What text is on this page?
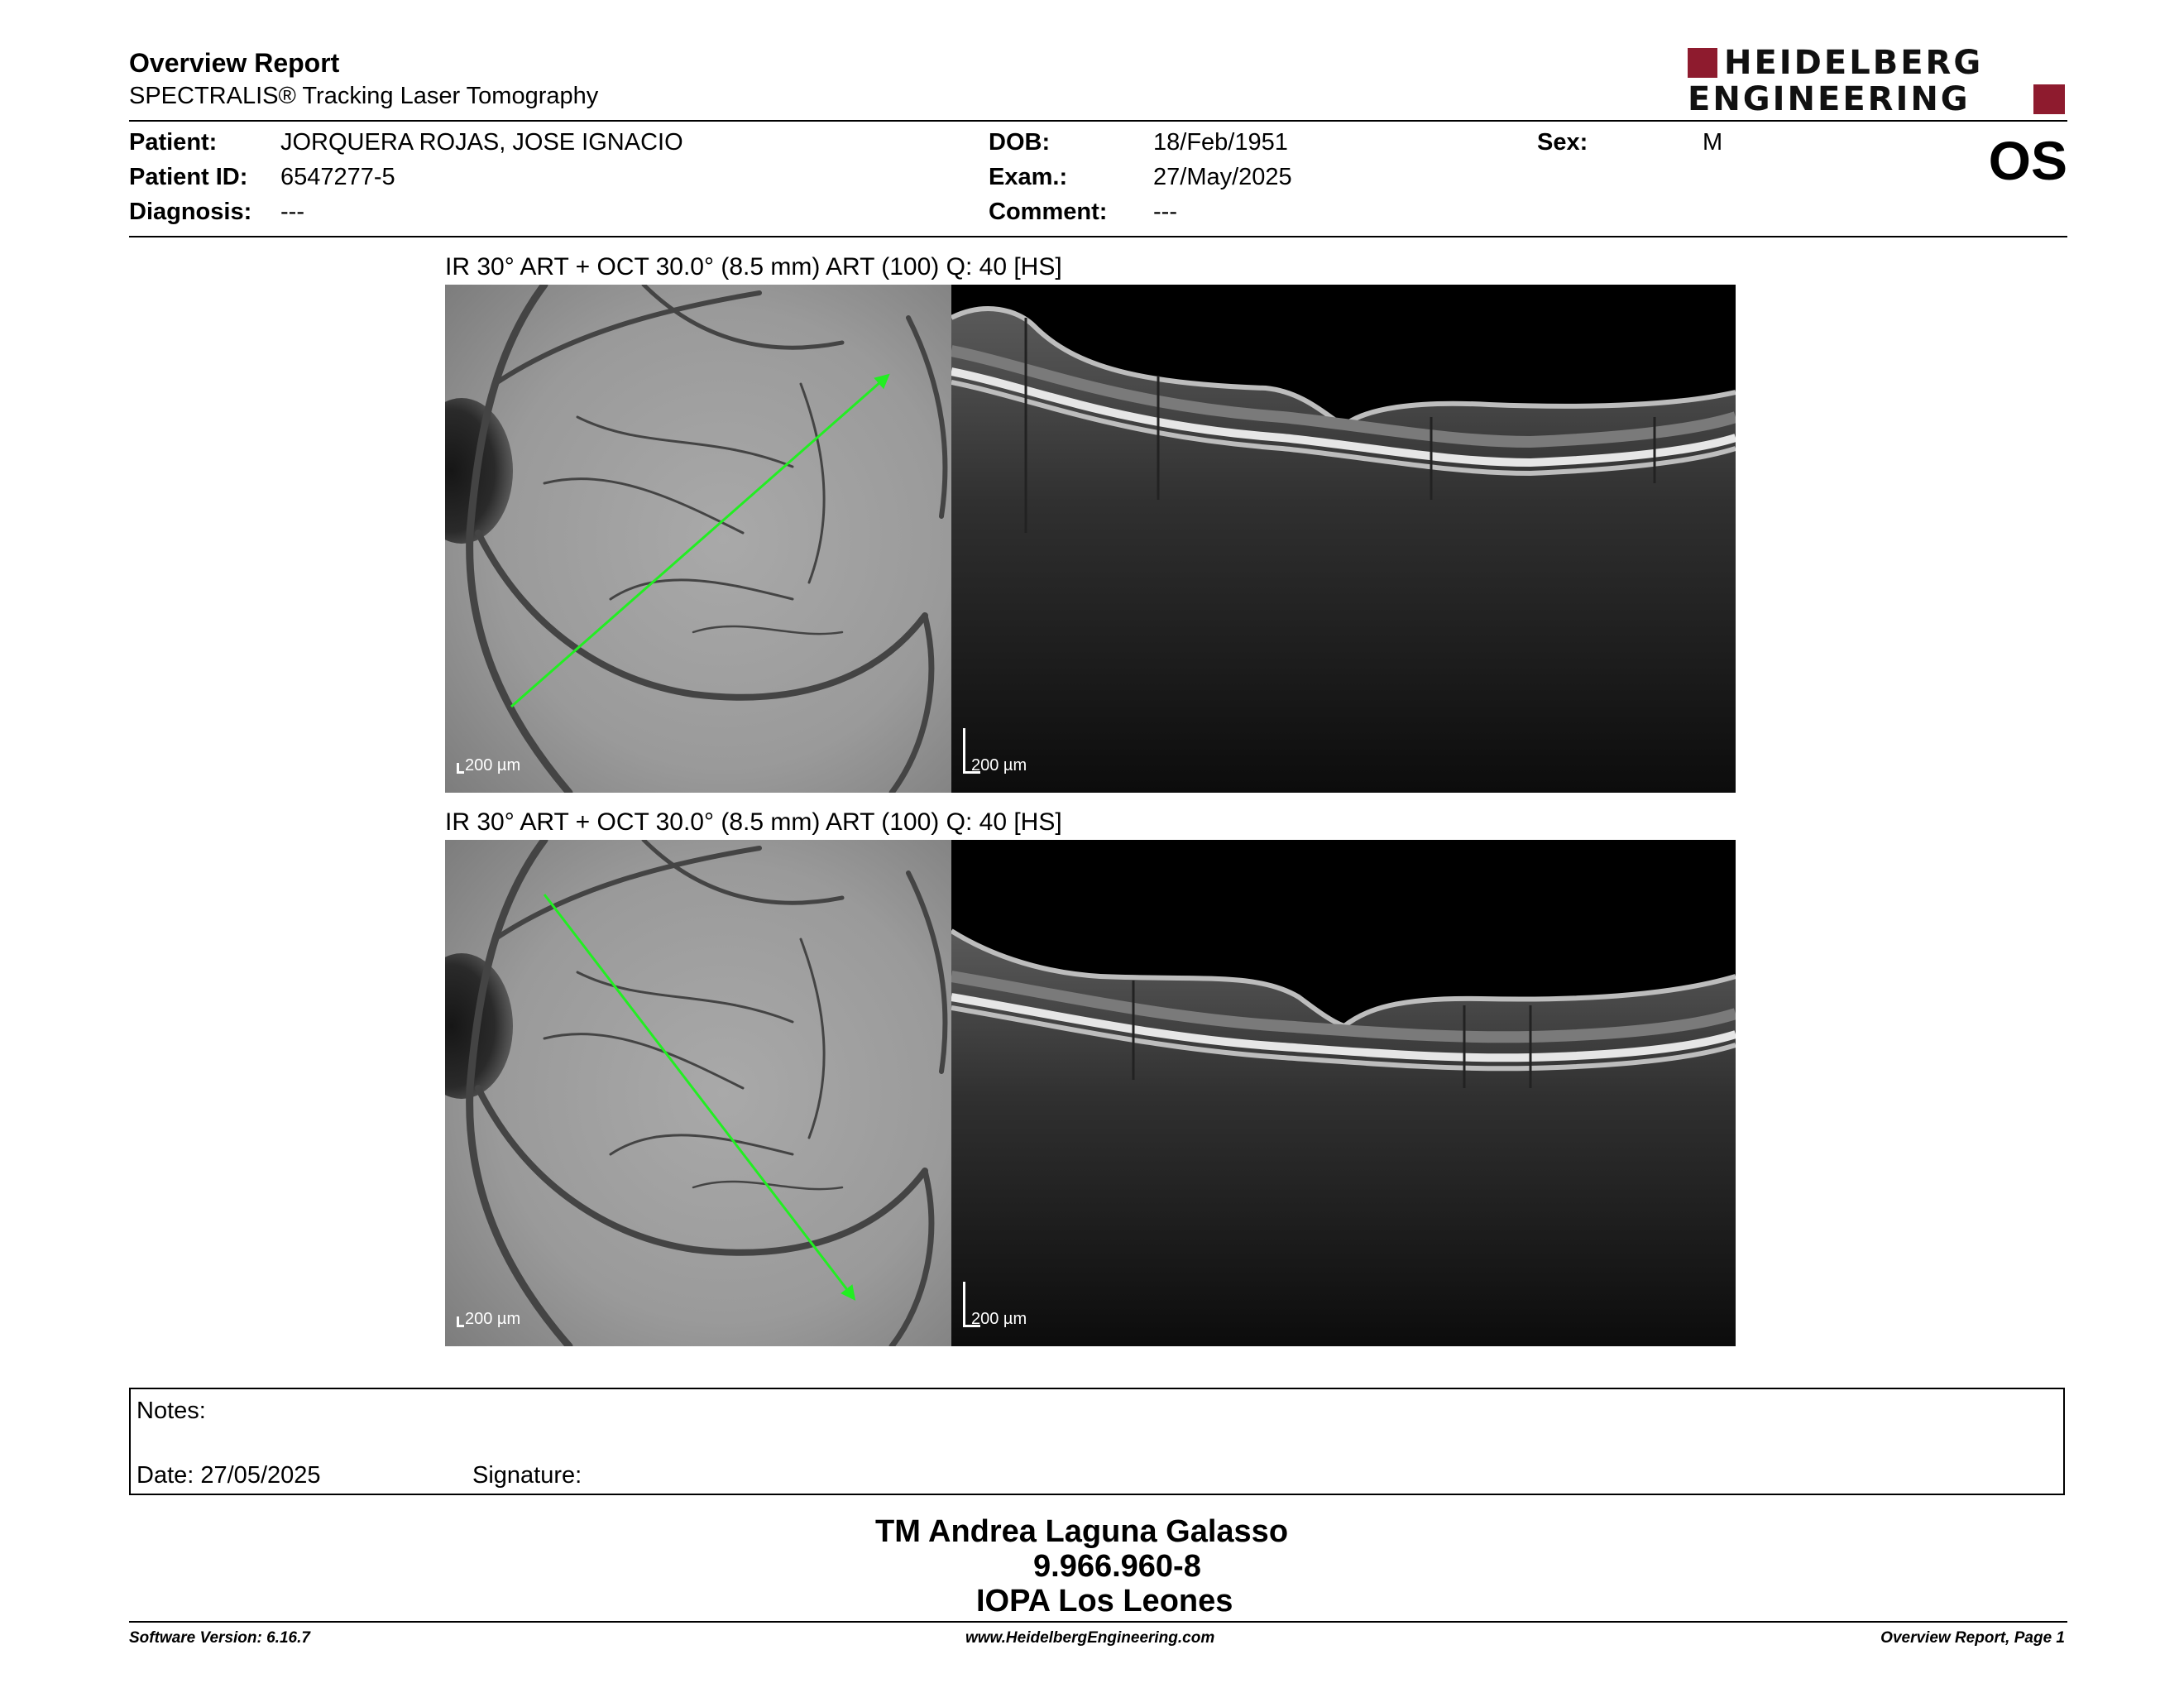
Overview Report
SPECTRALIS® Tracking Laser Tomography
HEIDELBERG
ENGINEERING
Patient:	JORQUERA ROJAS, JOSE IGNACIO
Patient ID: 6547277-5
Diagnosis: ---
DOB:	18/Feb/1951
Exam.:	27/May/2025
Comment: ---
Sex:	M	OS
IR 30° ART + OCT 30.0° (8.5 mm) ART (100) Q: 40 [HS]
200 µm	200 µm
IR 30° ART + OCT 30.0° (8.5 mm) ART (100) Q: 40 [HS]
200 µm	200 µm
Notes:
Date: 27/05/2025	Signature:
TM Andrea Laguna Galasso
9.966.960-8
IOPA Los Leones
Software Version: 6.16.7	www.HeidelbergEngineering.com	Overview Report, Page 1
